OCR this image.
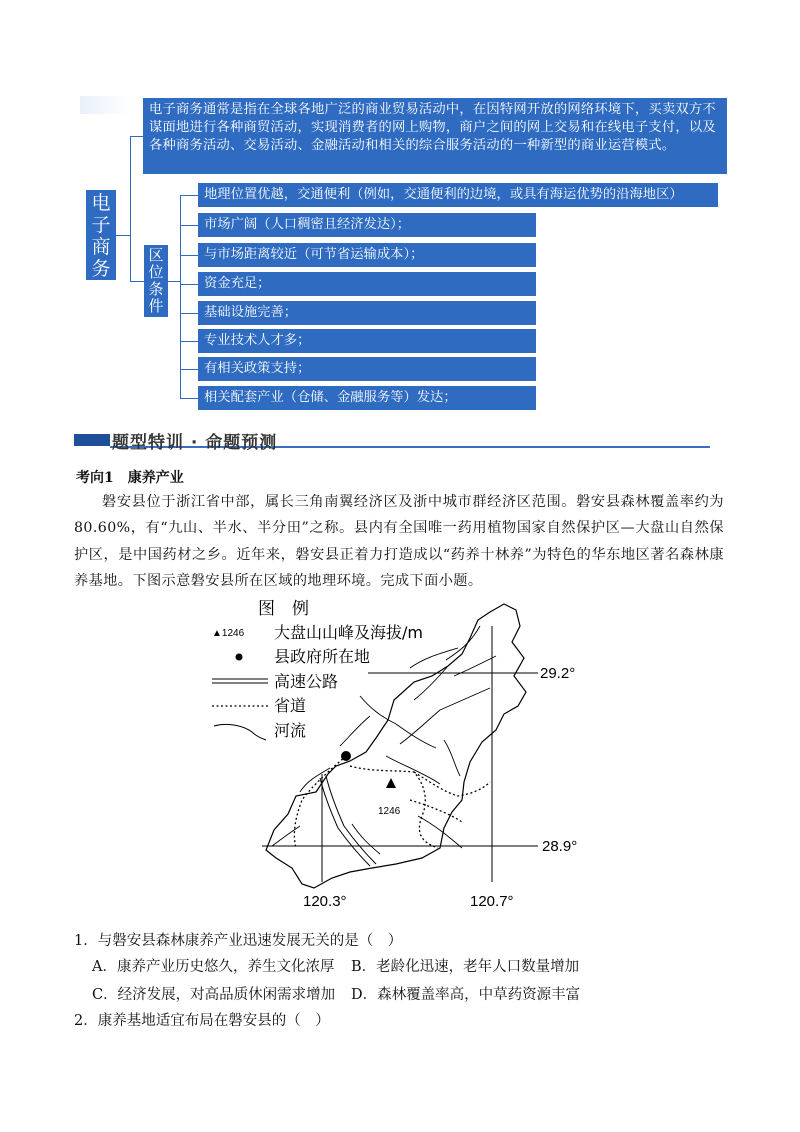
电子商务通常是指在全球各地广泛的商业贸易活动中，在因特网开放的网络环境下，买卖双方不谋面地进行各种商贸活动，实现消费者的网上购物，商户之间的网上交易和在线电子支付，以及各种商务活动、交易活动、金融活动和相关的综合服务活动的一种新型的商业运营模式。
电子商务
区位条件
地理位置优越，交通便利（例如，交通便利的边境，或具有海运优势的沿海地区）
市场广阔（人口稠密且经济发达）；
与市场距离较近（可节省运输成本）；
资金充足；
基础设施完善；
专业技术人才多；
有相关政策支持；
相关配套产业（仓储、金融服务等）发达；
题型特训 · 命题预测
考向1　康养产业
磐安县位于浙江省中部，属长三角南翼经济区及浙中城市群经济区范围。磐安县森林覆盖率约为80.60%，有“九山、半水、半分田”之称。县内有全国唯一药用植物国家自然保护区—大盘山自然保护区，是中国药材之乡。近年来，磐安县正着力打造成以“药养十林养”为特色的华东地区著名森林康养基地。下图示意磐安县所在区域的地理环境。完成下面小题。
1246
29.2°
28.9°
120.3°	120.7°
图　例
▲1246 大盘山山峰及海拔/m
县政府所在地
高速公路
省道
河流
1．与磐安县森林康养产业迅速发展无关的是（　）
A．康养产业历史悠久，养生文化浓厚 B．老龄化迅速，老年人口数量增加
C．经济发展，对高品质休闲需求增加 D．森林覆盖率高，中草药资源丰富
2．康养基地适宜布局在磐安县的（　）
